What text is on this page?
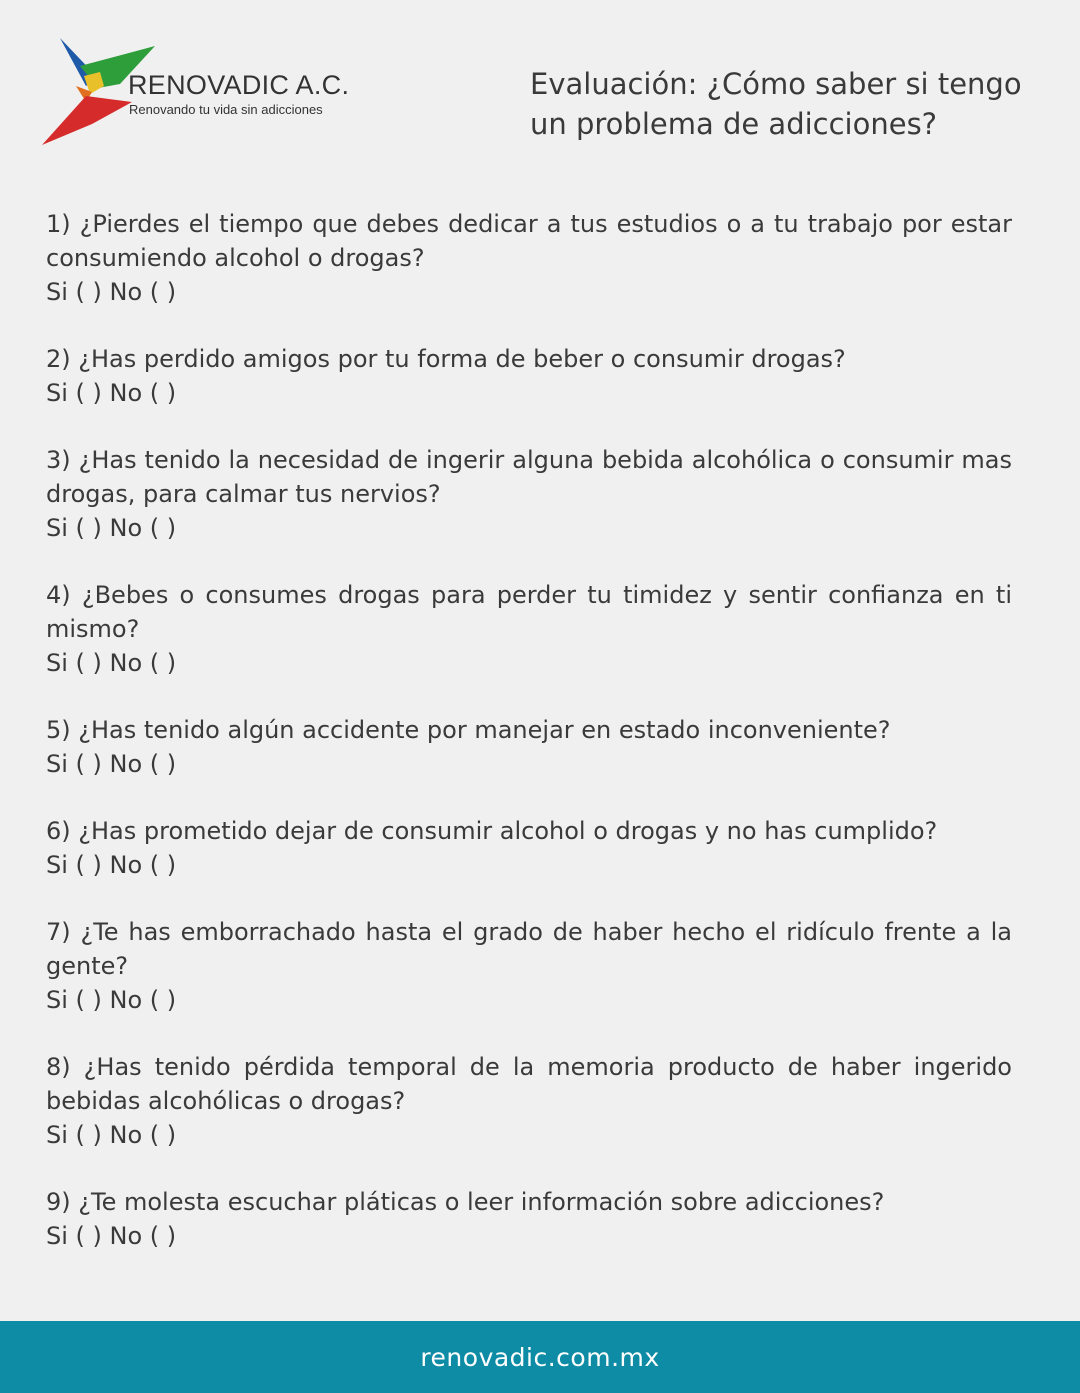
RENOVADIC A.C.
Renovando tu vida sin adicciones
Evaluación: ¿Cómo saber si tengo un problema de adicciones?
1) ¿Pierdes el tiempo que debes dedicar a tus estudios o a tu trabajo por estar consumiendo alcohol o drogas?
Si ( ) No ( )
2) ¿Has perdido amigos por tu forma de beber o consumir drogas?
Si ( ) No ( )
3) ¿Has tenido la necesidad de ingerir alguna bebida alcohólica o consumir mas drogas, para calmar tus nervios?
Si ( ) No ( )
4) ¿Bebes o consumes drogas para perder tu timidez y sentir confianza en ti mismo?
Si ( ) No ( )
5) ¿Has tenido algún accidente por manejar en estado inconveniente?
Si ( ) No ( )
6) ¿Has prometido dejar de consumir alcohol o drogas y no has cumplido?
Si ( ) No ( )
7) ¿Te has emborrachado hasta el grado de haber hecho el ridículo frente a la gente?
Si ( ) No ( )
8) ¿Has tenido pérdida temporal de la memoria producto de haber ingerido bebidas alcohólicas o drogas?
Si ( ) No ( )
9) ¿Te molesta escuchar pláticas o leer información sobre adicciones?
Si ( ) No ( )
renovadic.com.mx
